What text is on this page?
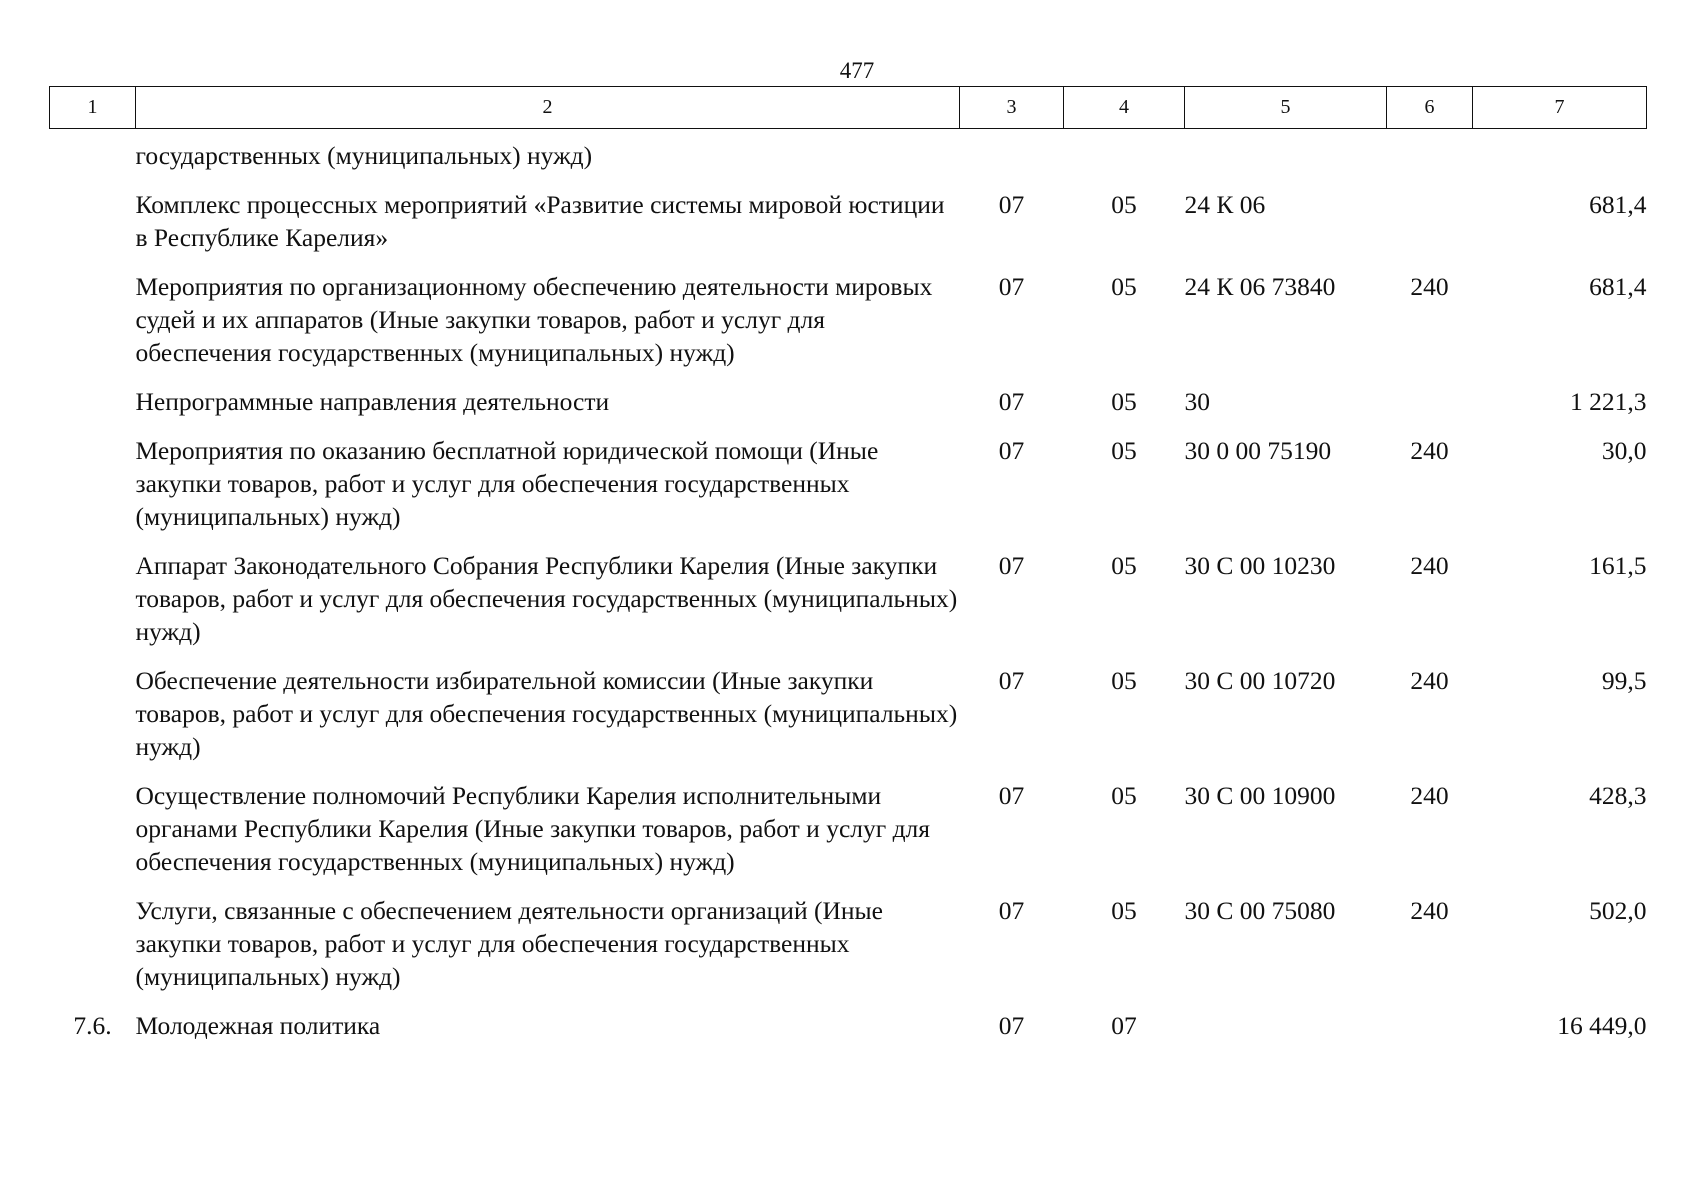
477
1	2	3	4	5	6	7
	государственных (муниципальных) нужд)					
	Комплекс процессных мероприятий «Развитие системы мировой юстиции в Республике Карелия»	07	05	24 К 06		681,4
	Мероприятия по организационному обеспечению деятельности мировых судей и их аппаратов (Иные закупки товаров, работ и услуг для обеспечения государственных (муниципальных) нужд)	07	05	24 К 06 73840	240	681,4
	Непрограммные направления деятельности	07	05	30		1 221,3
	Мероприятия по оказанию бесплатной юридической помощи (Иные закупки товаров, работ и услуг для обеспечения государственных (муниципальных) нужд)	07	05	30 0 00 75190	240	30,0
	Аппарат Законодательного Собрания Республики Карелия (Иные закупки товаров, работ и услуг для обеспечения государственных (муниципальных) нужд)	07	05	30 С 00 10230	240	161,5
	Обеспечение деятельности избирательной комиссии (Иные закупки товаров, работ и услуг для обеспечения государственных (муниципальных) нужд)	07	05	30 С 00 10720	240	99,5
	Осуществление полномочий Республики Карелия исполнительными органами Республики Карелия (Иные закупки товаров, работ и услуг для обеспечения государственных (муниципальных) нужд)	07	05	30 С 00 10900	240	428,3
	Услуги, связанные с обеспечением деятельности организаций (Иные закупки товаров, работ и услуг для обеспечения государственных (муниципальных) нужд)	07	05	30 С 00 75080	240	502,0
7.6.	Молодежная политика	07	07			16 449,0
